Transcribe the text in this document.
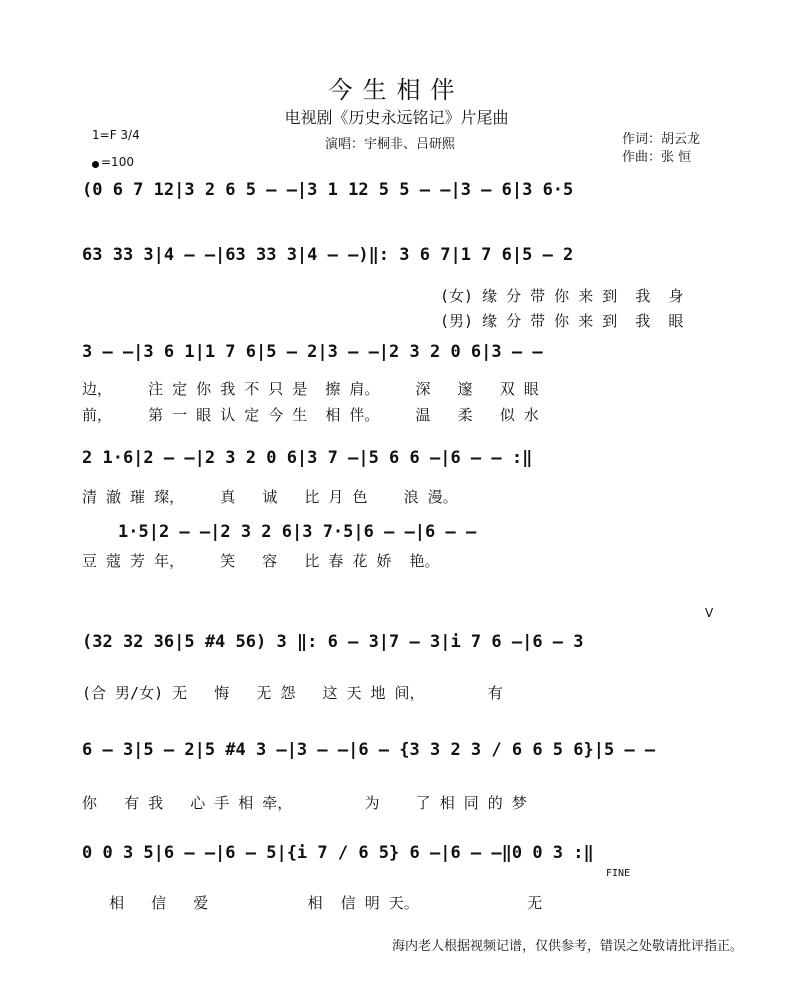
今生相伴
电视剧《历史永远铭记》片尾曲
演唱：宇桐非、吕研熙	作词：胡云龙
作曲：张 恒
1=F 3/4
=100
(0 6 7 12|3 2 6 5 — —|3 1 12 5 5 — —|3 — 6|3 6·5
63 33 3|4 — —|63 33 3|4 — —)‖: 3 6 7|1 7 6|5 — 2
(女) 缘 分 带 你 来 到  我  身
(男) 缘 分 带 你 来 到  我  眼
3 — —|3 6 1|1 7 6|5 — 2|3 — —|2 3 2 0 6|3 — —
边，    注 定 你 我 不 只 是  擦 肩。    深   邃   双 眼
前，    第 一 眼 认 定 今 生  相 伴。    温   柔   似 水
2 1·6|2 — —|2 3 2 0 6|3 7 —|5 6 6 —|6 — — :‖
清 澈 璀 璨，    真   诚   比 月 色    浪 漫。
1·5|2 — —|2 3 2 6|3 7·5|6 — —|6 — —
豆 蔻 芳 年，    笑   容   比 春 花 娇  艳。
V
(32 32 36|5 #4 56) 3 ‖: 6 — 3|7 — 3|i 7 6 —|6 — 3
(合 男/女) 无   悔   无 怨   这 天 地 间，       有
6 — 3|5 — 2|5 #4 3 —|3 — —|6 — {3 3 2 3 / 6 6 5 6}|5 — —
你   有 我   心 手 相 牵，        为    了 相 同 的 梦
0 0 3 5|6 — —|6 — 5|{i 7 / 6 5} 6 —|6 — —‖0 0 3 :‖
FINE
相   信   爱           相  信 明 天。            无
海内老人根据视频记谱，仅供参考，错误之处敬请批评指正。
